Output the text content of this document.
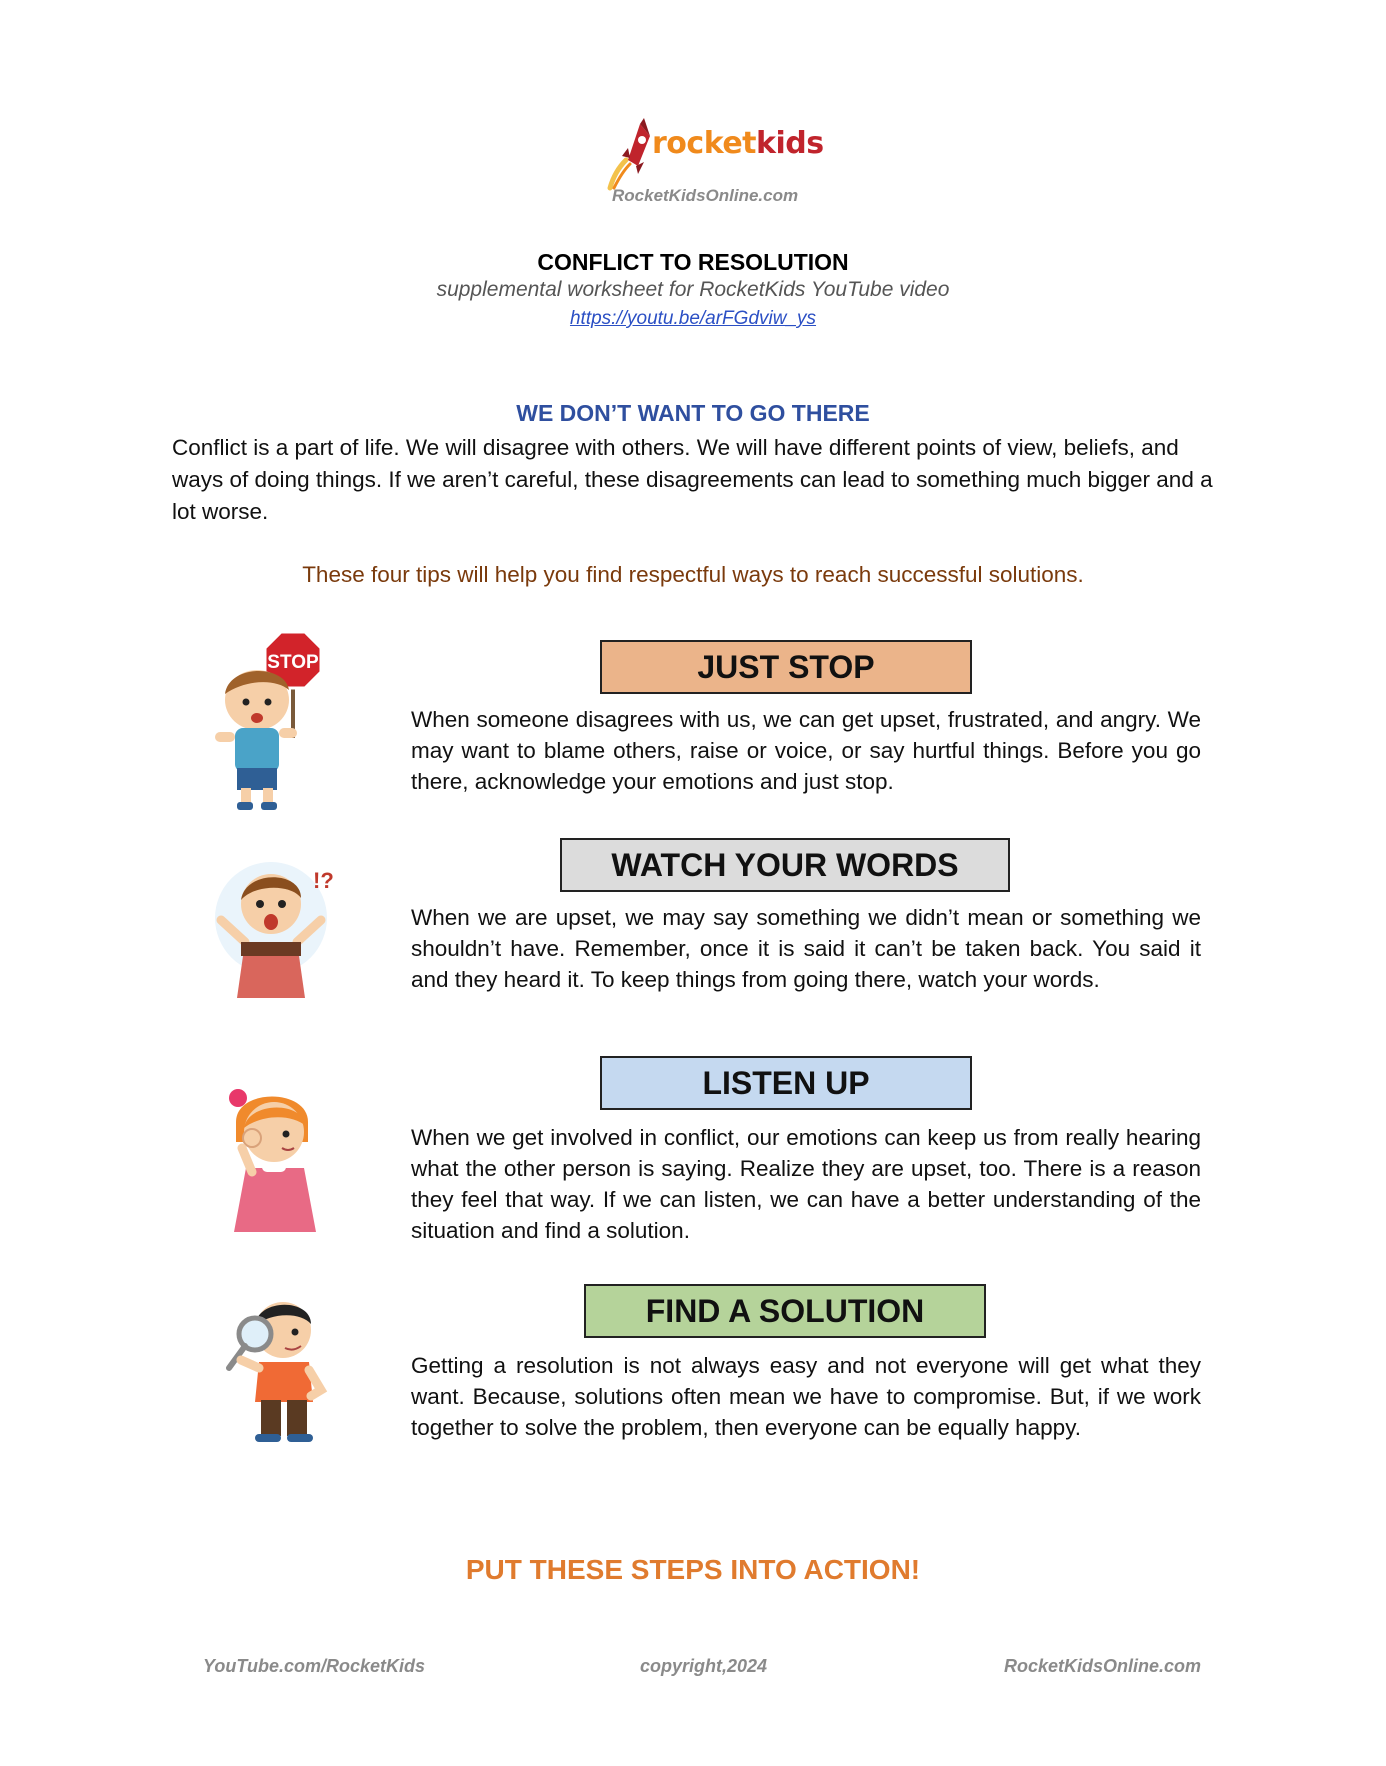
rocketkids
RocketKidsOnline.com
CONFLICT TO RESOLUTION
supplemental worksheet for RocketKids YouTube video
https://youtu.be/arFGdviw_ys
WE DON’T WANT TO GO THERE
Conflict is a part of life. We will disagree with others. We will have different points of view, beliefs, and ways of doing things. If we aren’t careful, these disagreements can lead to something much bigger and a lot worse.
These four tips will help you find respectful ways to reach successful solutions.
STOP	JUST STOP
When someone disagrees with us, we can get upset, frustrated, and angry. We may want to blame others, raise or voice, or say hurtful things. Before you go there, acknowledge your emotions and just stop.
!?	WATCH YOUR WORDS
When we are upset, we may say something we didn’t mean or something we shouldn’t have. Remember, once it is said it can’t be taken back. You said it and they heard it. To keep things from going there, watch your words.
LISTEN UP
When we get involved in conflict, our emotions can keep us from really hearing what the other person is saying. Realize they are upset, too. There is a reason they feel that way. If we can listen, we can have a better understanding of the situation and find a solution.
FIND A SOLUTION
Getting a resolution is not always easy and not everyone will get what they want. Because, solutions often mean we have to compromise. But, if we work together to solve the problem, then everyone can be equally happy.
PUT THESE STEPS INTO ACTION!
YouTube.com/RocketKids	copyright,2024	RocketKidsOnline.com
